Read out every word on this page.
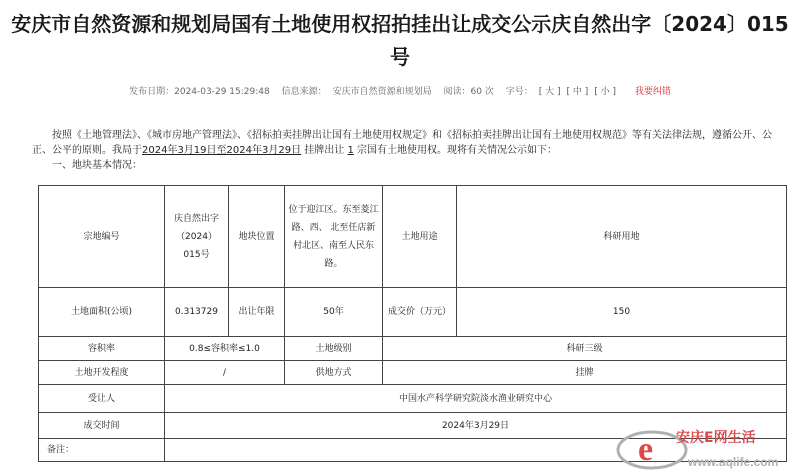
安庆市自然资源和规划局国有土地使用权招拍挂出让成交公示庆自然出字〔2024〕015号
发布日期：2024-03-29 15:29:48 信息来源： 安庆市自然资源和规划局 阅读：60 次 字号： [ 大 ] [ 中 ] [ 小 ] 我要纠错

按照《土地管理法》、《城市房地产管理法》、《招标拍卖挂牌出让国有土地使用权规定》和《招标拍卖挂牌出让国有土地使用权规范》等有关法律法规，遵循公开、公正、公平的原则。我局于2024年3月19日至2024年3月29日 挂牌出让 1 宗国有土地使用权。现将有关情况公示如下：

一、地块基本情况：

宗地编号	庆自然出字（2024）015号	地块位置	位于迎江区。东至菱江路、西、 北至任店新村北区、南至人民东路。	土地用途	科研用地
土地面积(公顷)	0.313729	出让年限	50年	成交价（万元）	150
容积率	0.8≤容积率≤1.0		土地级别	科研三级	
土地开发程度	/		供地方式	挂牌	
受让人	中国水产科学研究院淡水渔业研究中心				
成交时间	2024年3月29日				
备注：						e 安庆E网生活
www.aqlife.com
